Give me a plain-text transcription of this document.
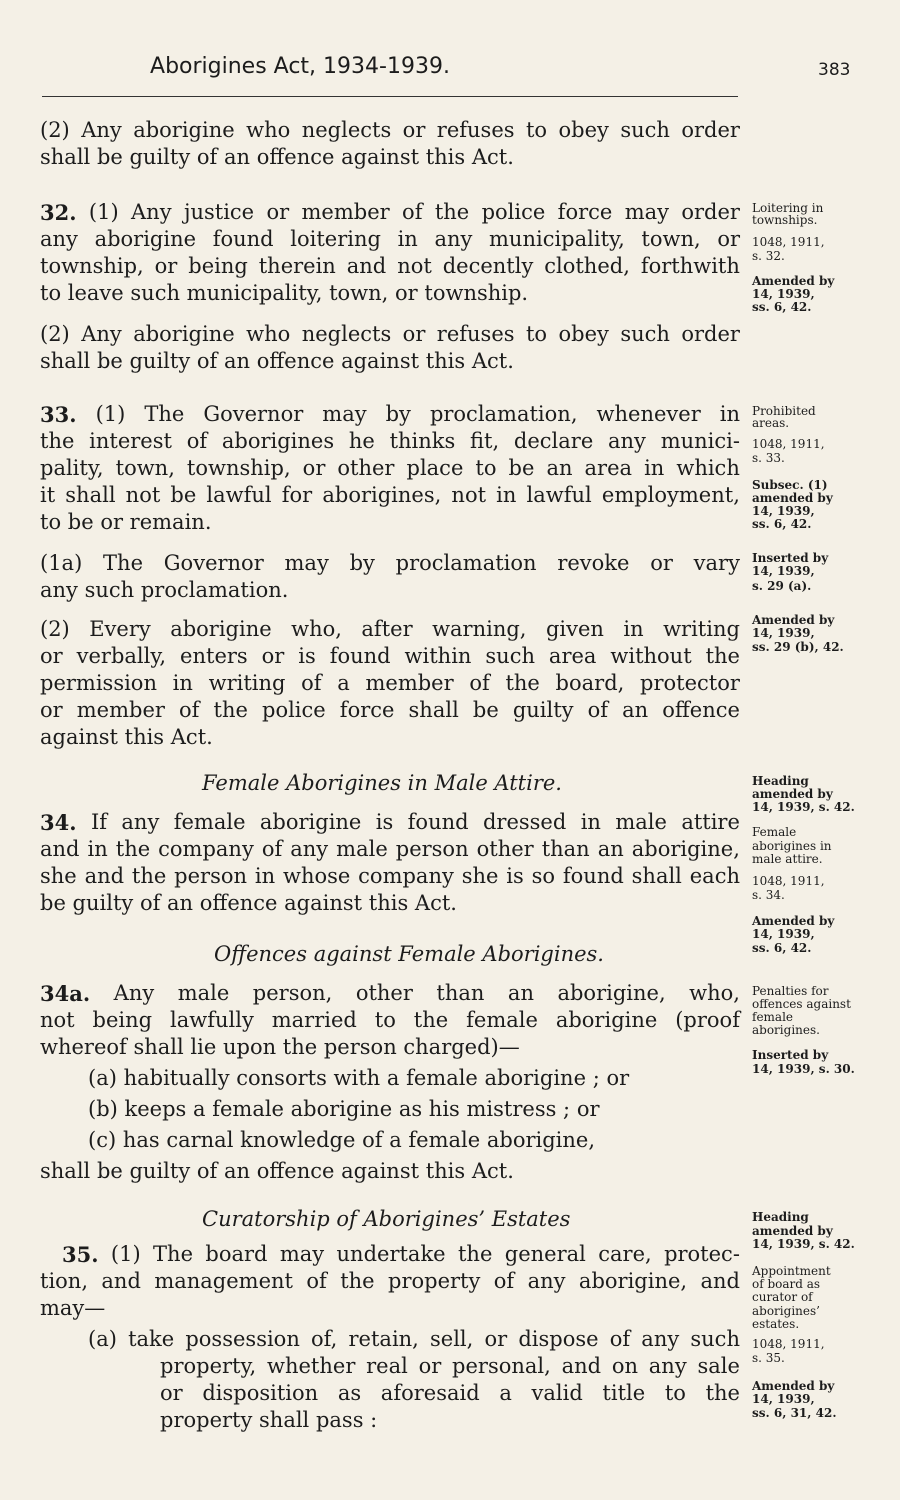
Aborigines Act, 1934-1939.	383
(2) Any aborigine who neglects or refuses to obey such order
shall be guilty of an offence against this Act.
32. (1) Any justice or member of the police force may order
any aborigine found loitering in any municipality, town, or
township, or being therein and not decently clothed, forthwith
to leave such municipality, town, or township.
(2) Any aborigine who neglects or refuses to obey such order
shall be guilty of an offence against this Act.
33. (1) The Governor may by proclamation, whenever in
the interest of aborigines he thinks fit, declare any munici-
pality, town, township, or other place to be an area in which
it shall not be lawful for aborigines, not in lawful employment,
to be or remain.
(1a) The Governor may by proclamation revoke or vary
any such proclamation.
(2) Every aborigine who, after warning, given in writing
or verbally, enters or is found within such area without the
permission in writing of a member of the board, protector
or member of the police force shall be guilty of an offence
against this Act.
34. If any female aborigine is found dressed in male attire
and in the company of any male person other than an aborigine,
she and the person in whose company she is so found shall each
be guilty of an offence against this Act.
34a. Any male person, other than an aborigine, who,
not being lawfully married to the female aborigine (proof
whereof shall lie upon the person charged)—
(a) habitually consorts with a female aborigine ; or
(b) keeps a female aborigine as his mistress ; or
(c) has carnal knowledge of a female aborigine,
shall be guilty of an offence against this Act.
35. (1) The board may undertake the general care, protec-
tion, and management of the property of any aborigine, and
may—
(a) take possession of, retain, sell, or dispose of any such
property, whether real or personal, and on any sale
or disposition as aforesaid a valid title to the
property shall pass :
Female Aborigines in Male Attire.
Offences against Female Aborigines.
Curatorship of Aborigines’ Estates
Loitering in
townships.
1048, 1911,
s. 32.
Amended by
14, 1939,
ss. 6, 42.
Prohibited
areas.
1048, 1911,
s. 33.
Subsec. (1)
amended by
14, 1939,
ss. 6, 42.
Inserted by
14, 1939,
s. 29 (a).
Amended by
14, 1939,
ss. 29 (b), 42.
Heading
amended by
14, 1939, s. 42.
Female
aborigines in
male attire.
1048, 1911,
s. 34.
Amended by
14, 1939,
ss. 6, 42.
Penalties for
offences against
female
aborigines.
Inserted by
14, 1939, s. 30.
Heading
amended by
14, 1939, s. 42.
Appointment
of board as
curator of
aborigines’
estates.
1048, 1911,
s. 35.
Amended by
14, 1939,
ss. 6, 31, 42.
